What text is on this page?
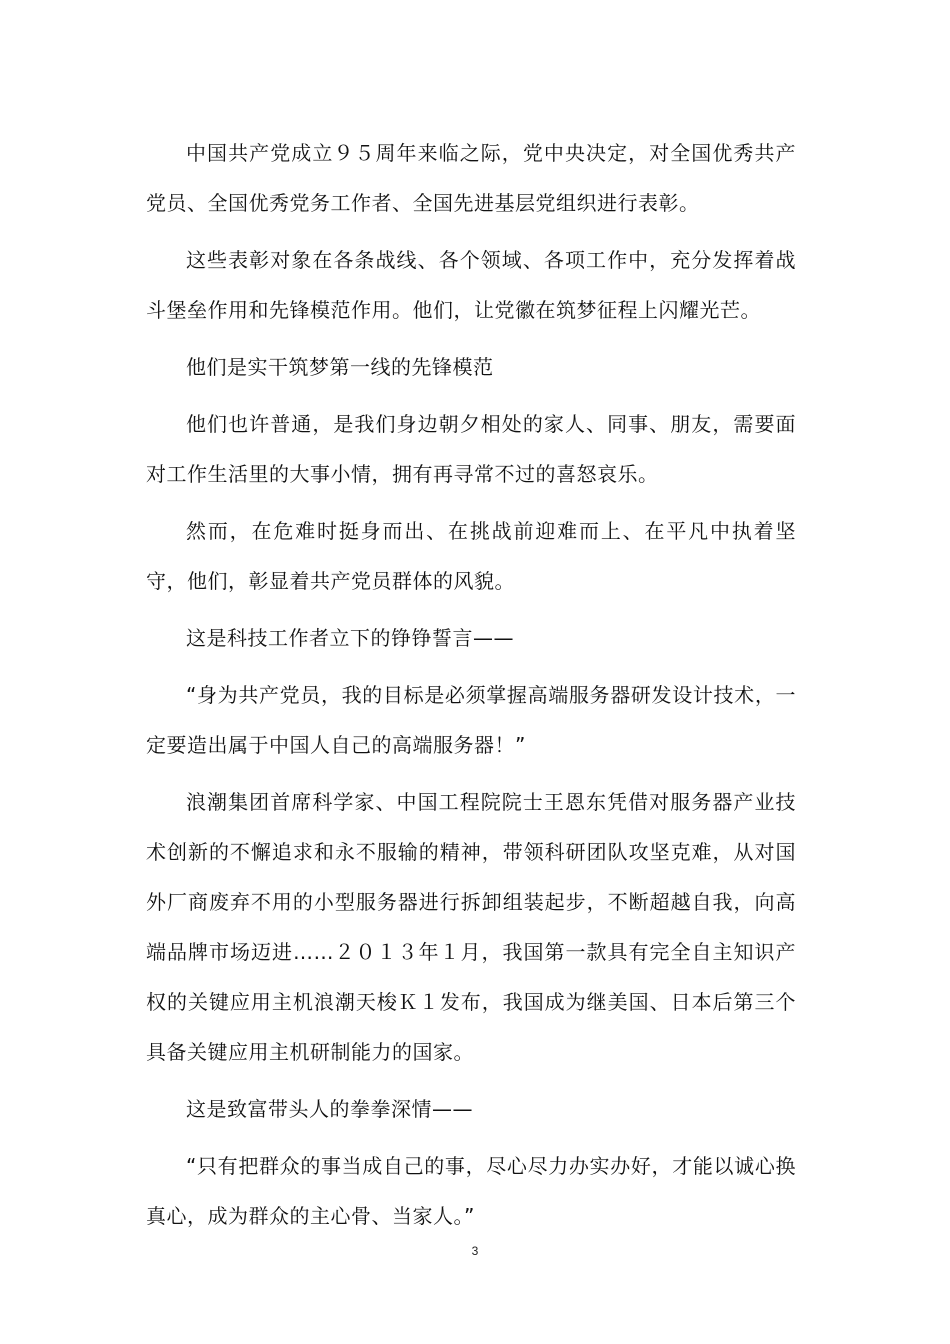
中国共产党成立９５周年来临之际，党中央决定，对全国优秀共产党员、全国优秀党务工作者、全国先进基层党组织进行表彰。

这些表彰对象在各条战线、各个领域、各项工作中，充分发挥着战斗堡垒作用和先锋模范作用。他们，让党徽在筑梦征程上闪耀光芒。

他们是实干筑梦第一线的先锋模范

他们也许普通，是我们身边朝夕相处的家人、同事、朋友，需要面对工作生活里的大事小情，拥有再寻常不过的喜怒哀乐。

然而，在危难时挺身而出、在挑战前迎难而上、在平凡中执着坚守，他们，彰显着共产党员群体的风貌。

这是科技工作者立下的铮铮誓言——

“身为共产党员，我的目标是必须掌握高端服务器研发设计技术，一定要造出属于中国人自己的高端服务器！”

浪潮集团首席科学家、中国工程院院士王恩东凭借对服务器产业技术创新的不懈追求和永不服输的精神，带领科研团队攻坚克难，从对国外厂商废弃不用的小型服务器进行拆卸组装起步，不断超越自我，向高端品牌市场迈进……２０１３年１月，我国第一款具有完全自主知识产权的关键应用主机浪潮天梭Ｋ１发布，我国成为继美国、日本后第三个具备关键应用主机研制能力的国家。

这是致富带头人的拳拳深情——

“只有把群众的事当成自己的事，尽心尽力办实办好，才能以诚心换真心，成为群众的主心骨、当家人。”

3
